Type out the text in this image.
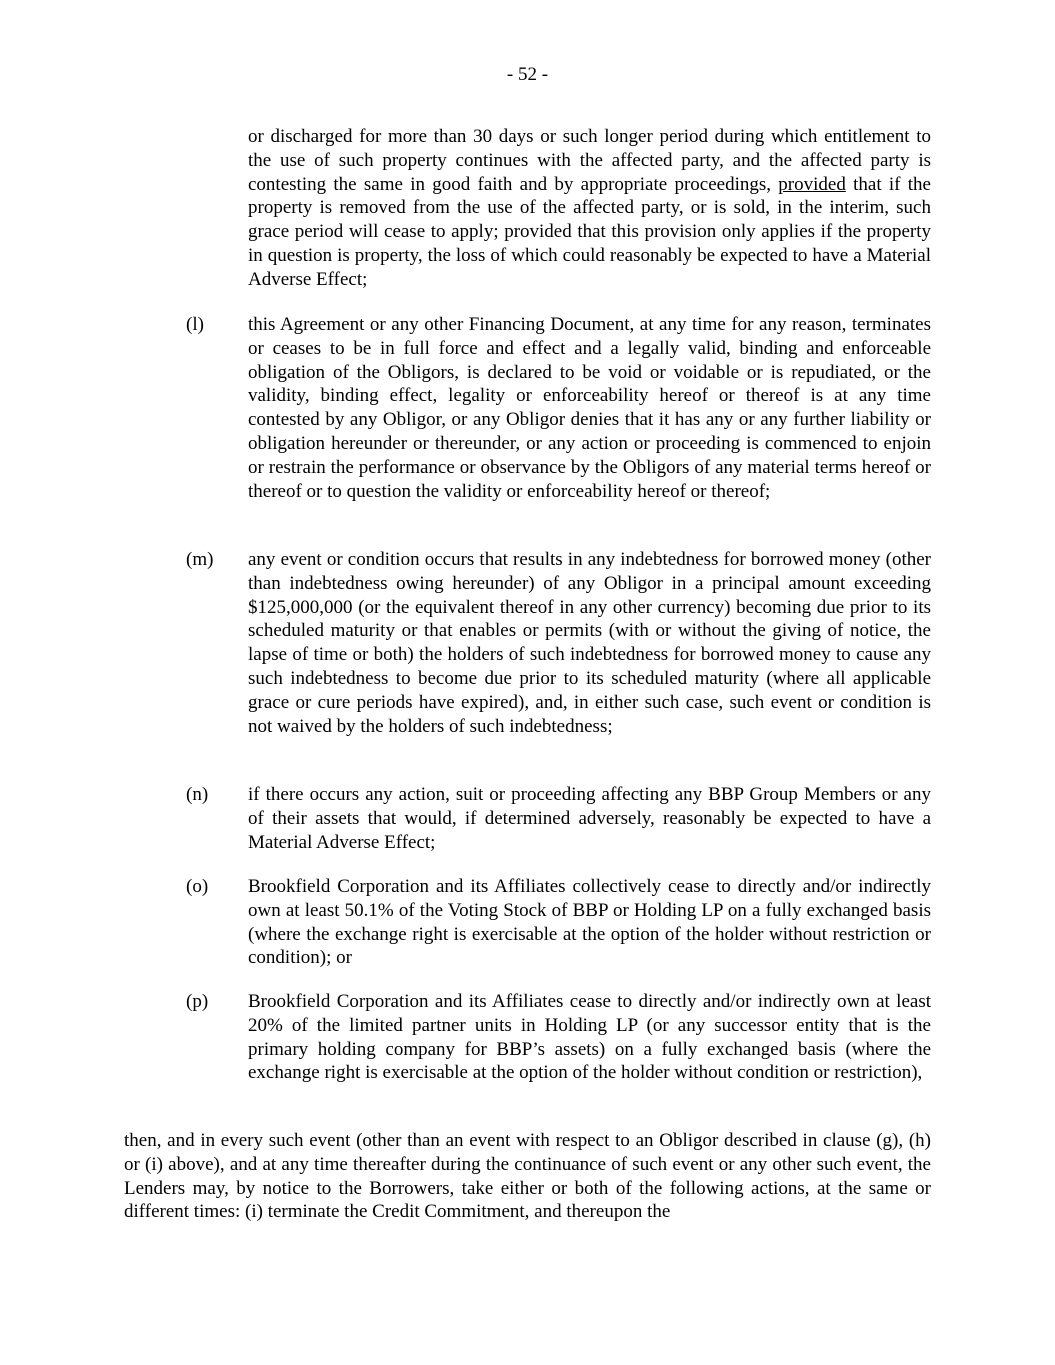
- 52 -

or discharged for more than 30 days or such longer period during which entitlement to the use of such property continues with the affected party, and the affected party is contesting the same in good faith and by appropriate proceedings, provided that if the property is removed from the use of the affected party, or is sold, in the interim, such grace period will cease to apply; provided that this provision only applies if the property in question is property, the loss of which could reasonably be expected to have a Material Adverse Effect;

(l)	this Agreement or any other Financing Document, at any time for any reason, terminates or ceases to be in full force and effect and a legally valid, binding and enforceable obligation of the Obligors, is declared to be void or voidable or is repudiated, or the validity, binding effect, legality or enforceability hereof or thereof is at any time contested by any Obligor, or any Obligor denies that it has any or any further liability or obligation hereunder or thereunder, or any action or proceeding is commenced to enjoin or restrain the performance or observance by the Obligors of any material terms hereof or thereof or to question the validity or enforceability hereof or thereof;

(m)	any event or condition occurs that results in any indebtedness for borrowed money (other than indebtedness owing hereunder) of any Obligor in a principal amount exceeding $125,000,000 (or the equivalent thereof in any other currency) becoming due prior to its scheduled maturity or that enables or permits (with or without the giving of notice, the lapse of time or both) the holders of such indebtedness for borrowed money to cause any such indebtedness to become due prior to its scheduled maturity (where all applicable grace or cure periods have expired), and, in either such case, such event or condition is not waived by the holders of such indebtedness;

(n)	if there occurs any action, suit or proceeding affecting any BBP Group Members or any of their assets that would, if determined adversely, reasonably be expected to have a Material Adverse Effect;

(o)	Brookfield Corporation and its Affiliates collectively cease to directly and/or indirectly own at least 50.1% of the Voting Stock of BBP or Holding LP on a fully exchanged basis (where the exchange right is exercisable at the option of the holder without restriction or condition); or

(p)	Brookfield Corporation and its Affiliates cease to directly and/or indirectly own at least 20% of the limited partner units in Holding LP (or any successor entity that is the primary holding company for BBP’s assets) on a fully exchanged basis (where the exchange right is exercisable at the option of the holder without condition or restriction),

then, and in every such event (other than an event with respect to an Obligor described in clause (g), (h) or (i) above), and at any time thereafter during the continuance of such event or any other such event, the Lenders may, by notice to the Borrowers, take either or both of the following actions, at the same or different times: (i) terminate the Credit Commitment, and thereupon the
